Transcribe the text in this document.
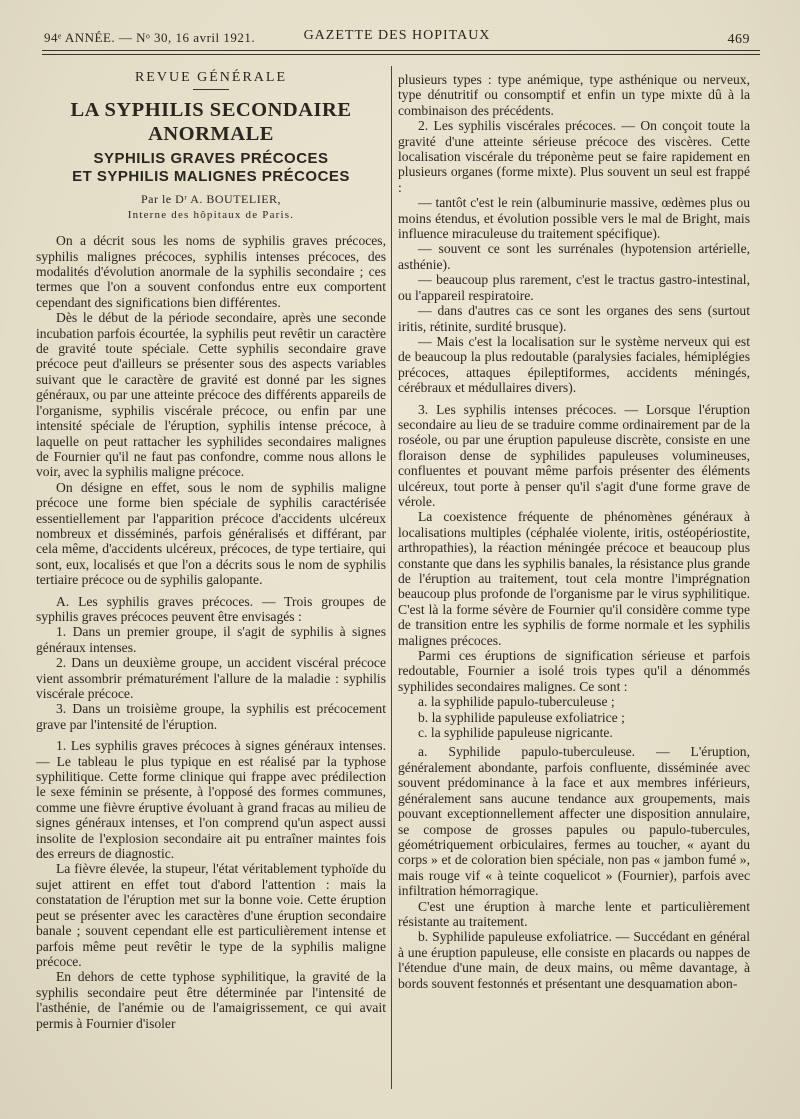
94ᵉ ANNÉE. — Nᵒ 30, 16 avril 1921.	GAZETTE DES HOPITAUX	469
REVUE GÉNÉRALE
LA SYPHILIS SECONDAIRE ANORMALE
SYPHILIS GRAVES PRÉCOCES
ET SYPHILIS MALIGNES PRÉCOCES
Par le Dʳ A. BOUTELIER,
Interne des hôpitaux de Paris.

On a décrit sous les noms de syphilis graves précoces, syphilis malignes précoces, syphilis intenses précoces, des modalités d'évolution anormale de la syphilis secondaire ; ces termes que l'on a souvent confondus entre eux comportent cependant des significations bien différentes.

Dès le début de la période secondaire, après une seconde incubation parfois écourtée, la syphilis peut revêtir un caractère de gravité toute spéciale. Cette syphilis secondaire grave précoce peut d'ailleurs se présenter sous des aspects variables suivant que le caractère de gravité est donné par les signes généraux, ou par une atteinte précoce des différents appareils de l'organisme, syphilis viscérale précoce, ou enfin par une intensité spéciale de l'éruption, syphilis intense précoce, à laquelle on peut rattacher les syphilides secondaires malignes de Fournier qu'il ne faut pas confondre, comme nous allons le voir, avec la syphilis maligne précoce.

On désigne en effet, sous le nom de syphilis maligne précoce une forme bien spéciale de syphilis caractérisée essentiellement par l'apparition précoce d'accidents ulcéreux nombreux et disséminés, parfois généralisés et différant, par cela même, d'accidents ulcéreux, précoces, de type tertiaire, qui sont, eux, localisés et que l'on a décrits sous le nom de syphilis tertiaire précoce ou de syphilis galopante.

A. Les syphilis graves précoces. — Trois groupes de syphilis graves précoces peuvent être envisagés :

1. Dans un premier groupe, il s'agit de syphilis à signes généraux intenses.

2. Dans un deuxième groupe, un accident viscéral précoce vient assombrir prématurément l'allure de la maladie : syphilis viscérale précoce.

3. Dans un troisième groupe, la syphilis est précocement grave par l'intensité de l'éruption.

1. Les syphilis graves précoces à signes généraux intenses. — Le tableau le plus typique en est réalisé par la typhose syphilitique. Cette forme clinique qui frappe avec prédilection le sexe féminin se présente, à l'opposé des formes communes, comme une fièvre éruptive évoluant à grand fracas au milieu de signes généraux intenses, et l'on comprend qu'un aspect aussi insolite de l'explosion secondaire ait pu entraîner maintes fois des erreurs de diagnostic.

La fièvre élevée, la stupeur, l'état véritablement typhoïde du sujet attirent en effet tout d'abord l'attention : mais la constatation de l'éruption met sur la bonne voie. Cette éruption peut se présenter avec les caractères d'une éruption secondaire banale ; souvent cependant elle est particulièrement intense et parfois même peut revêtir le type de la syphilis maligne précoce.

En dehors de cette typhose syphilitique, la gravité de la syphilis secondaire peut être déterminée par l'intensité de l'asthénie, de l'anémie ou de l'amaigrissement, ce qui avait permis à Fournier d'isoler

plusieurs types : type anémique, type asthénique ou nerveux, type dénutritif ou consomptif et enfin un type mixte dû à la combinaison des précédents.

2. Les syphilis viscérales précoces. — On conçoit toute la gravité d'une atteinte sérieuse précoce des viscères. Cette localisation viscérale du tréponème peut se faire rapidement en plusieurs organes (forme mixte). Plus souvent un seul est frappé :

— tantôt c'est le rein (albuminurie massive, œdèmes plus ou moins étendus, et évolution possible vers le mal de Bright, mais influence miraculeuse du traitement spécifique).

— souvent ce sont les surrénales (hypotension artérielle, asthénie).

— beaucoup plus rarement, c'est le tractus gastro-intestinal, ou l'appareil respiratoire.

— dans d'autres cas ce sont les organes des sens (surtout iritis, rétinite, surdité brusque).

— Mais c'est la localisation sur le système nerveux qui est de beaucoup la plus redoutable (paralysies faciales, hémiplégies précoces, attaques épileptiformes, accidents méningés, cérébraux et médullaires divers).

3. Les syphilis intenses précoces. — Lorsque l'éruption secondaire au lieu de se traduire comme ordinairement par de la roséole, ou par une éruption papuleuse discrète, consiste en une floraison dense de syphilides papuleuses volumineuses, confluentes et pouvant même parfois présenter des éléments ulcéreux, tout porte à penser qu'il s'agit d'une forme grave de vérole.

La coexistence fréquente de phénomènes généraux à localisations multiples (céphalée violente, iritis, ostéopériostite, arthropathies), la réaction méningée précoce et beaucoup plus constante que dans les syphilis banales, la résistance plus grande de l'éruption au traitement, tout cela montre l'imprégnation beaucoup plus profonde de l'organisme par le virus syphilitique. C'est là la forme sévère de Fournier qu'il considère comme type de transition entre les syphilis de forme normale et les syphilis malignes précoces.

Parmi ces éruptions de signification sérieuse et parfois redoutable, Fournier a isolé trois types qu'il a dénommés syphilides secondaires malignes. Ce sont :

a. la syphilide papulo-tuberculeuse ;

b. la syphilide papuleuse exfoliatrice ;

c. la syphilide papuleuse nigricante.

a. Syphilide papulo-tuberculeuse. — L'éruption, généralement abondante, parfois confluente, disséminée avec souvent prédominance à la face et aux membres inférieurs, généralement sans aucune tendance aux groupements, mais pouvant exceptionnellement affecter une disposition annulaire, se compose de grosses papules ou papulo-tubercules, géométriquement orbiculaires, fermes au toucher, « ayant du corps » et de coloration bien spéciale, non pas « jambon fumé », mais rouge vif « à teinte coquelicot » (Fournier), parfois avec infiltration hémorragique.

C'est une éruption à marche lente et particulièrement résistante au traitement.

b. Syphilide papuleuse exfoliatrice. — Succédant en général à une éruption papuleuse, elle consiste en placards ou nappes de l'étendue d'une main, de deux mains, ou même davantage, à bords souvent festonnés et présentant une desquamation abon-
